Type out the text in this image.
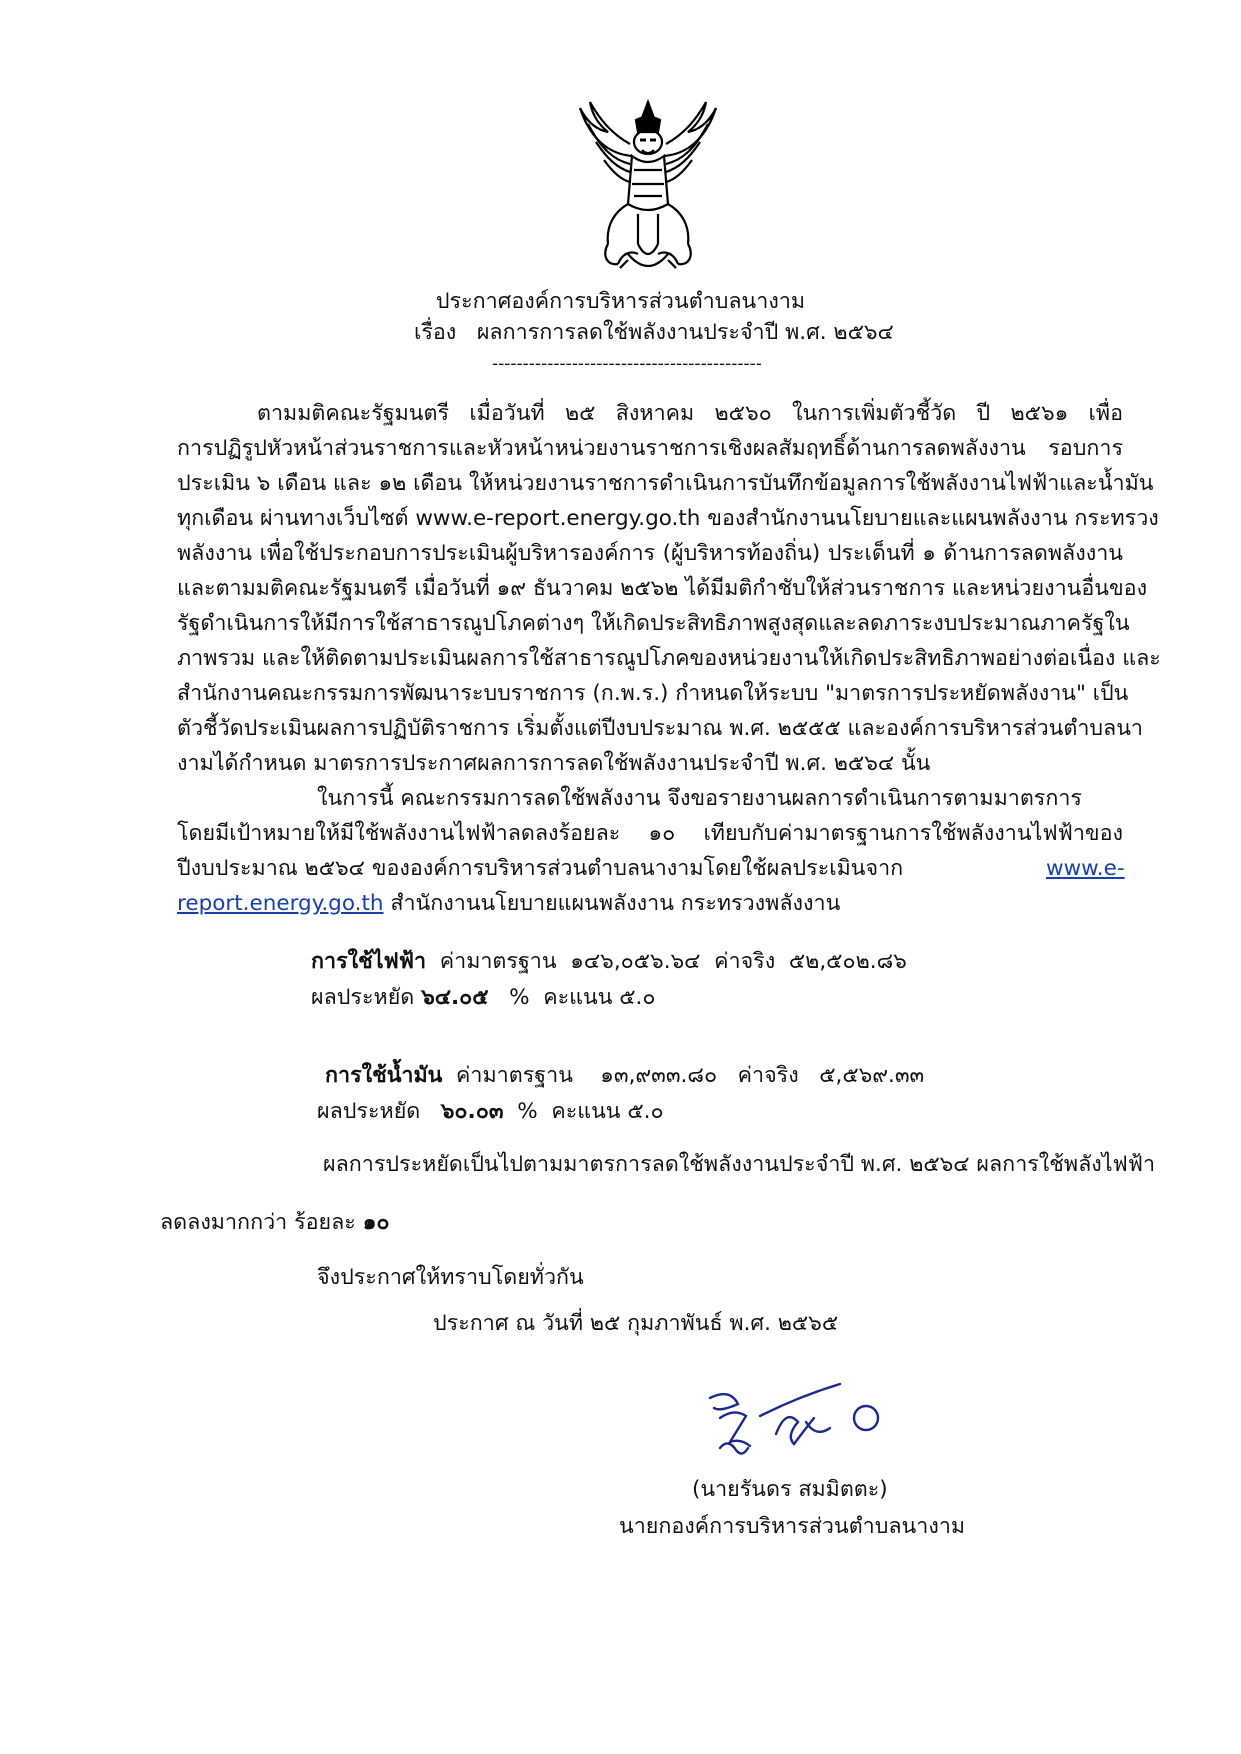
ประกาศองค์การบริหารส่วนตำบลนางาม
เรื่อง ผลการการลดใช้พลังงานประจำปี พ.ศ. ๒๕๖๔
--------------------------------------------
ตามมติคณะรัฐมนตรี เมื่อวันที่ ๒๕ สิงหาคม ๒๕๖๐ ในการเพิ่มตัวชี้วัด ปี ๒๕๖๑ เพื่อ
การปฏิรูปหัวหน้าส่วนราชการและหัวหน้าหน่วยงานราชการเชิงผลสัมฤทธิ์ด้านการลดพลังงาน รอบการ
ประเมิน ๖ เดือน และ ๑๒ เดือน ให้หน่วยงานราชการดำเนินการบันทึกข้อมูลการใช้พลังงานไฟฟ้าและน้ำมัน
ทุกเดือน ผ่านทางเว็บไซต์ www.e-report.energy.go.th ของสำนักงานนโยบายและแผนพลังงาน กระทรวง
พลังงาน เพื่อใช้ประกอบการประเมินผู้บริหารองค์การ (ผู้บริหารท้องถิ่น) ประเด็นที่ ๑ ด้านการลดพลังงาน
และตามมติคณะรัฐมนตรี เมื่อวันที่ ๑๙ ธันวาคม ๒๕๖๒ ได้มีมติกำชับให้ส่วนราชการ และหน่วยงานอื่นของ
รัฐดำเนินการให้มีการใช้สาธารณูปโภคต่างๆ ให้เกิดประสิทธิภาพสูงสุดและลดภาระงบประมาณภาครัฐใน
ภาพรวม และให้ติดตามประเมินผลการใช้สาธารณูปโภคของหน่วยงานให้เกิดประสิทธิภาพอย่างต่อเนื่อง และ
สำนักงานคณะกรรมการพัฒนาระบบราชการ (ก.พ.ร.) กำหนดให้ระบบ "มาตรการประหยัดพลังงาน" เป็น
ตัวชี้วัดประเมินผลการปฏิบัติราชการ เริ่มตั้งแต่ปีงบประมาณ พ.ศ. ๒๕๕๕ และองค์การบริหารส่วนตำบลนา
งามได้กำหนด มาตรการประกาศผลการการลดใช้พลังงานประจำปี พ.ศ. ๒๕๖๔ นั้น
ในการนี้ คณะกรรมการลดใช้พลังงาน จึงขอรายงานผลการดำเนินการตามมาตรการ
โดยมีเป้าหมายให้มีใช้พลังงานไฟฟ้าลดลงร้อยละ ๑๐ เทียบกับค่ามาตรฐานการใช้พลังงานไฟฟ้าของ
ปีงบประมาณ ๒๕๖๔ ขององค์การบริหารส่วนตำบลนางามโดยใช้ผลประเมินจาก	www.e-
report.energy.go.th สำนักงานนโยบายแผนพลังงาน กระทรวงพลังงาน
การใช้ไฟฟ้า ค่ามาตรฐาน ๑๔๖,๐๕๖.๖๔ ค่าจริง ๕๒,๕๐๒.๘๖
ผลประหยัด ๖๔.๐๕ % คะแนน ๕.๐
การใช้น้ำมัน ค่ามาตรฐาน ๑๓,๙๓๓.๘๐ ค่าจริง ๕,๕๖๙.๓๓
ผลประหยัด ๖๐.๐๓ % คะแนน ๕.๐
ผลการประหยัดเป็นไปตามมาตรการลดใช้พลังงานประจำปี พ.ศ. ๒๕๖๔ ผลการใช้พลังไฟฟ้า
ลดลงมากกว่า ร้อยละ ๑๐
จึงประกาศให้ทราบโดยทั่วกัน
ประกาศ ณ วันที่ ๒๕ กุมภาพันธ์ พ.ศ. ๒๕๖๕
(นายรันดร สมมิตตะ)
นายกองค์การบริหารส่วนตำบลนางาม
